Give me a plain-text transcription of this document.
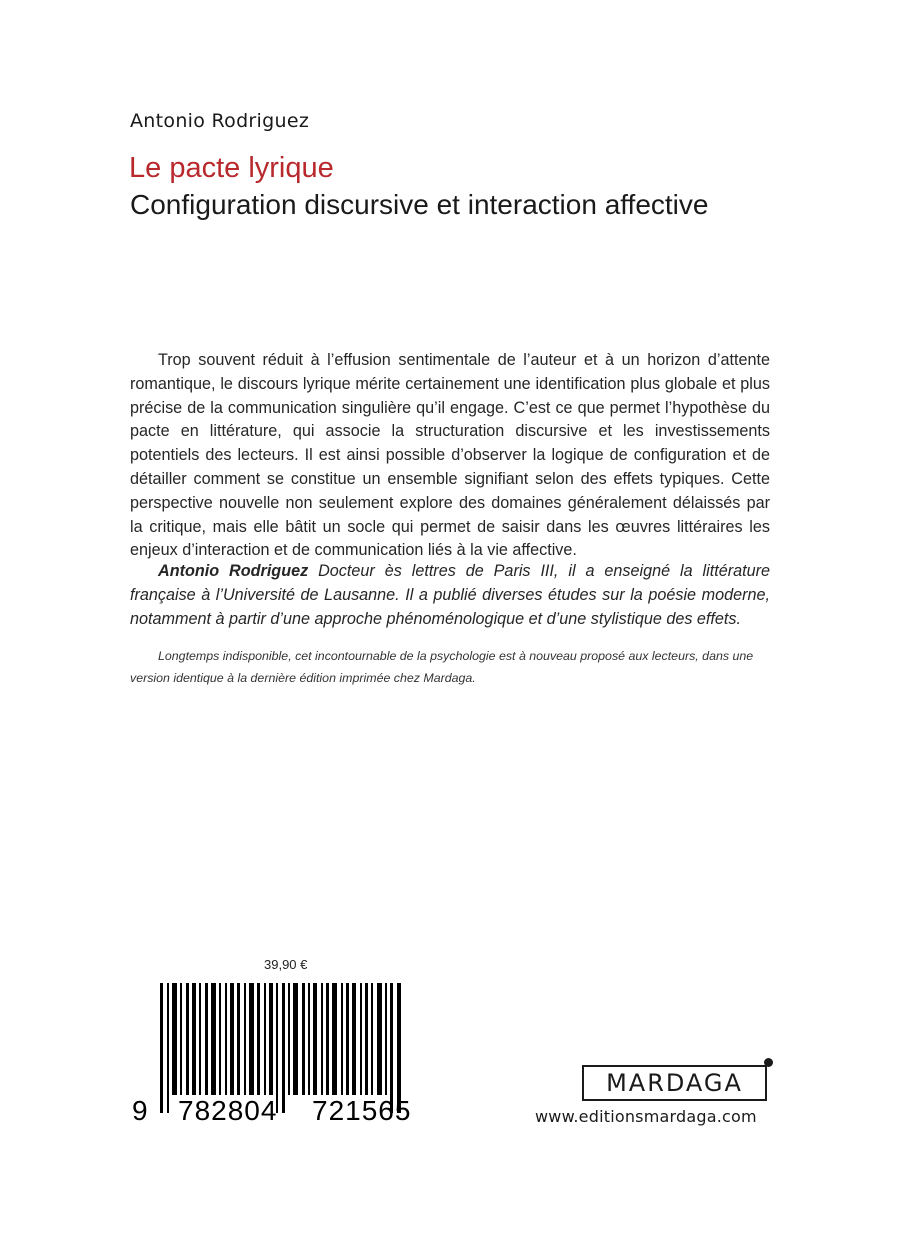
Antonio Rodriguez
Le pacte lyrique
Configuration discursive et interaction affective

Trop souvent réduit à l’effusion sentimentale de l’auteur et à un horizon d’attente romantique, le discours lyrique mérite certainement une identification plus globale et plus précise de la communication singulière qu’il engage. C’est ce que permet l’hypothèse du pacte en littérature, qui associe la structuration discursive et les investissements potentiels des lecteurs. Il est ainsi possible d’observer la logique de configuration et de détailler comment se constitue un ensemble signifiant selon des effets typiques. Cette perspective nouvelle non seulement explore des domaines généralement délaissés par la critique, mais elle bâtit un socle qui permet de saisir dans les œuvres littéraires les enjeux d’interaction et de communication liés à la vie affective.

Antonio Rodriguez Docteur ès lettres de Paris III, il a enseigné la littérature française à l’Université de Lausanne. Il a publié diverses études sur la poésie moderne, notamment à partir d’une approche phénoménologique et d’une stylistique des effets.

Longtemps indisponible, cet incontournable de la psychologie est à nouveau proposé aux lecteurs, dans une version identique à la dernière édition imprimée chez Mardaga.

39,90 €
9 782804 721565
MARDAGA
www.editionsmardaga.com
